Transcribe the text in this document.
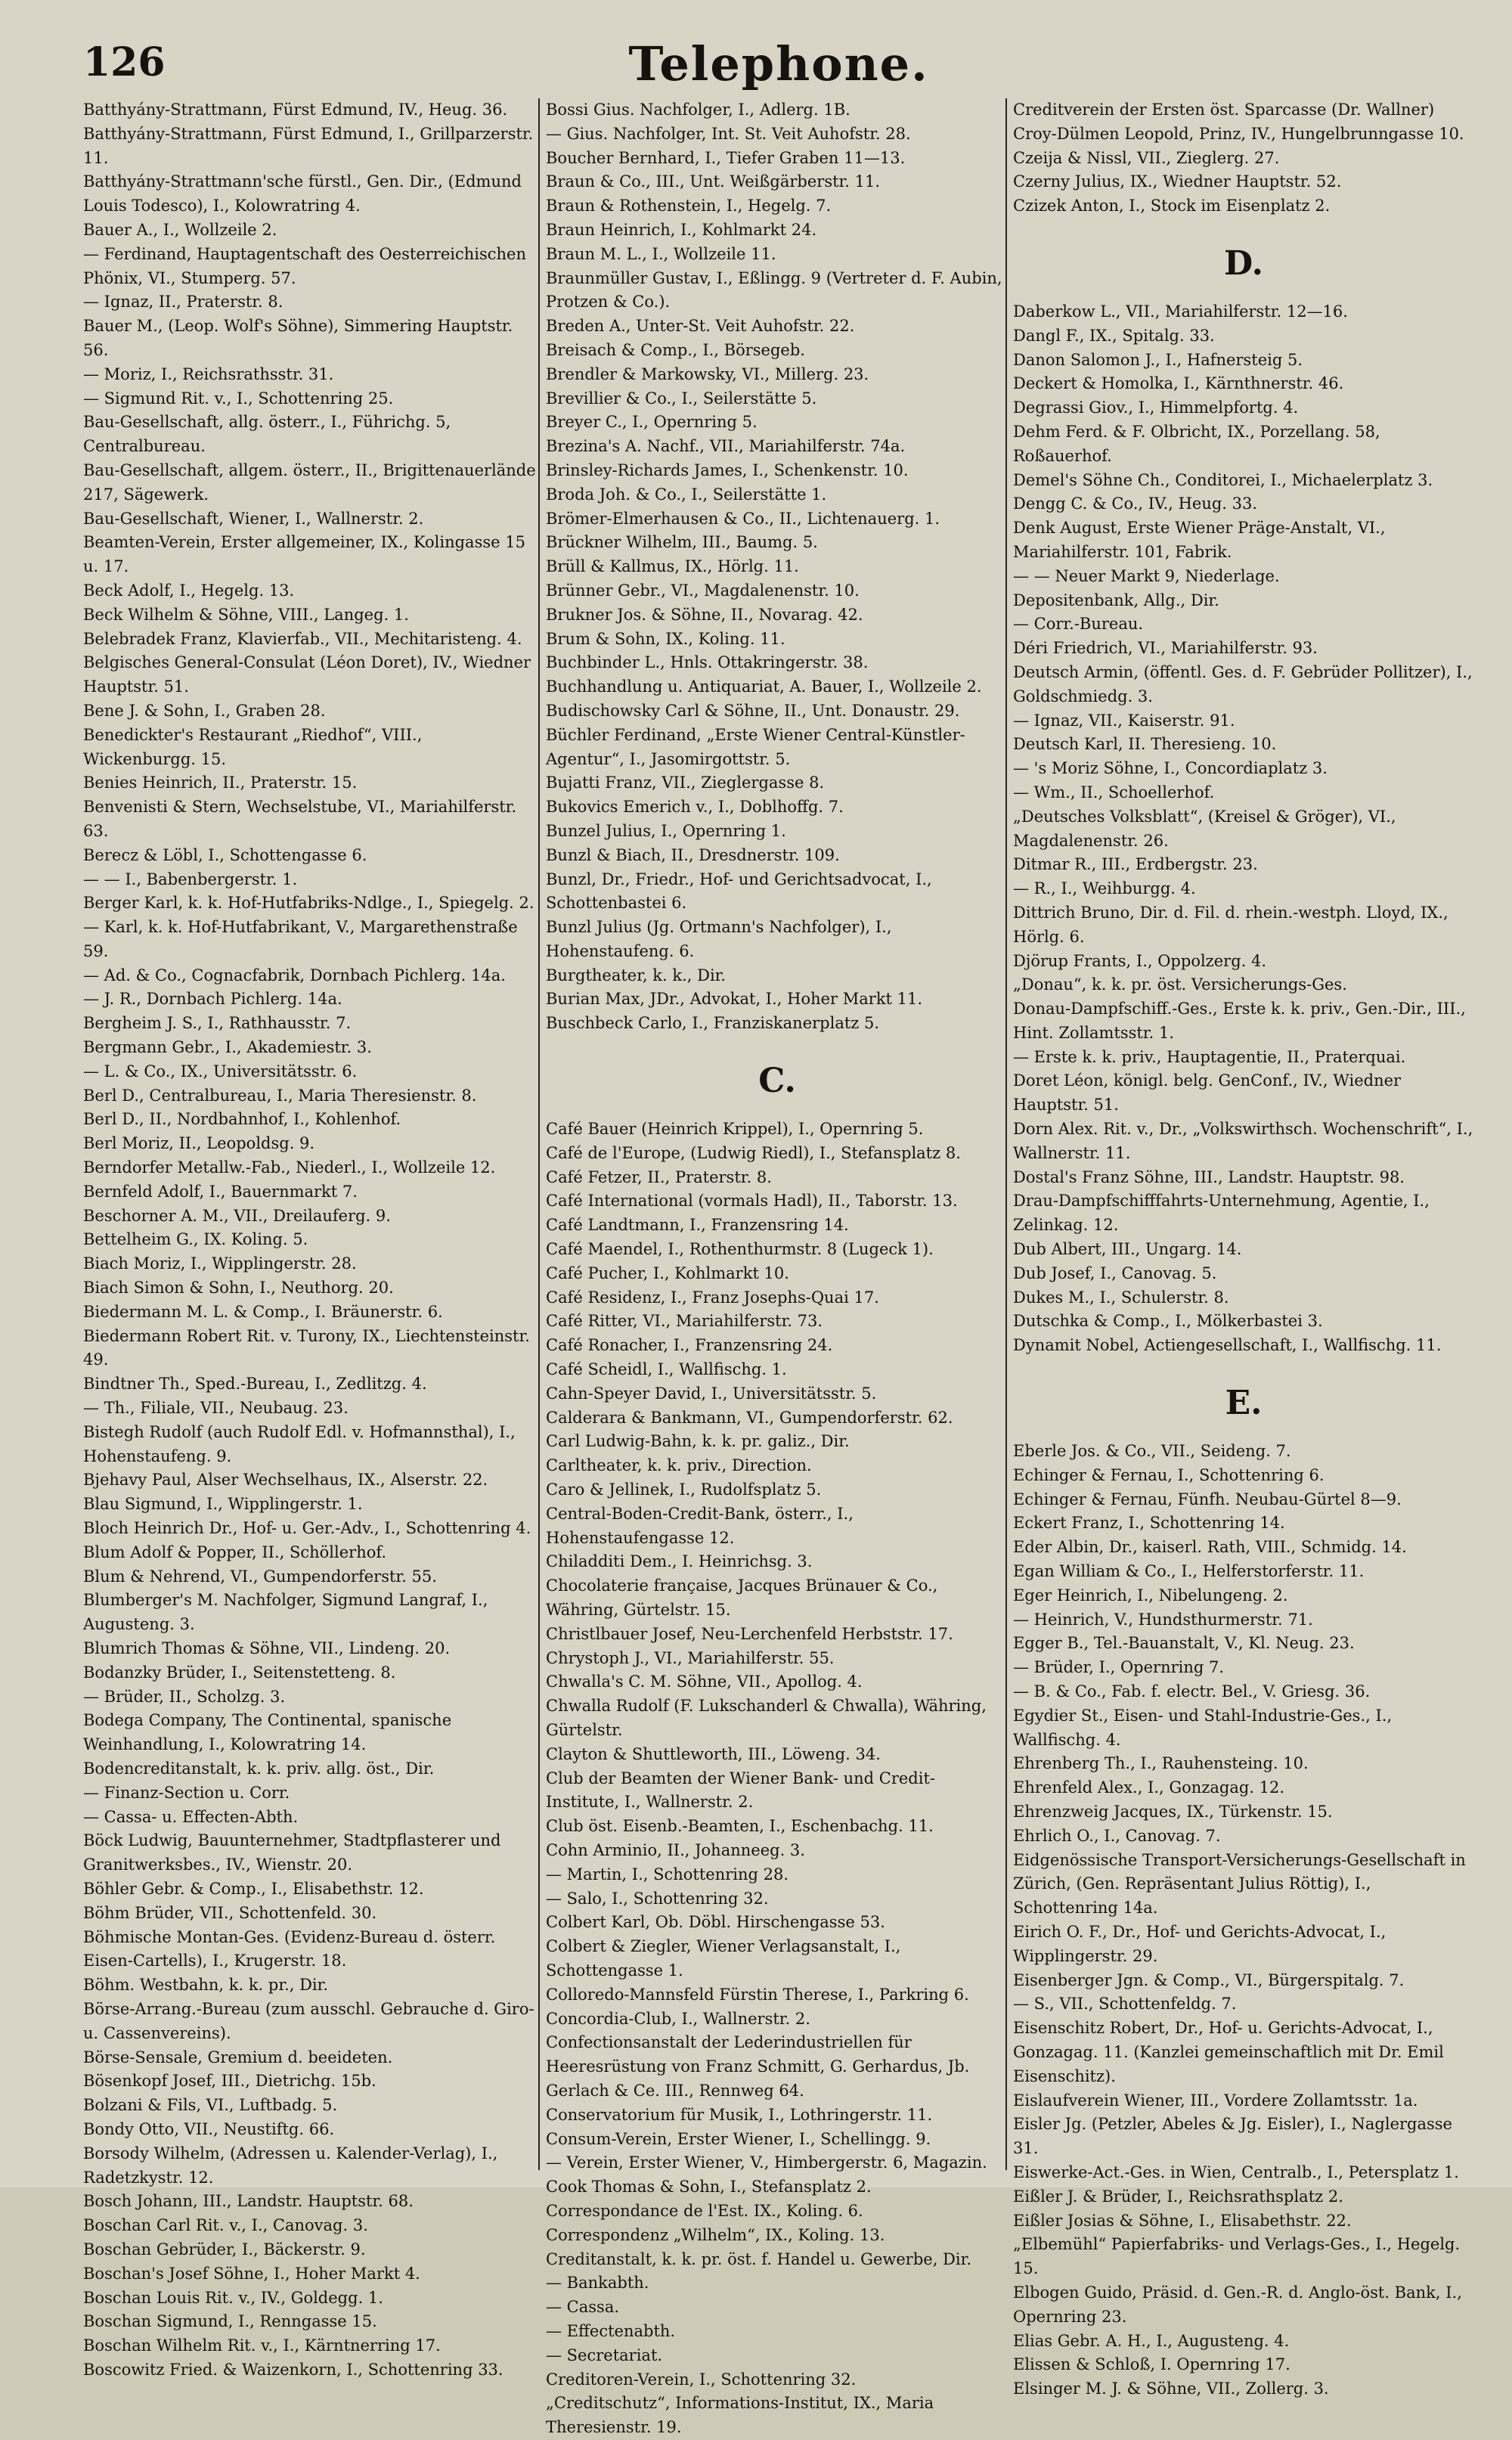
126	Telephone.
Batthyány-Strattmann, Fürst Edmund, IV., Heug. 36.
Batthyány-Strattmann, Fürst Edmund, I., Grillparzerstr. 11.
Batthyány-Strattmann'sche fürstl., Gen. Dir., (Edmund Louis Todesco), I., Kolowratring 4.
Bauer A., I., Wollzeile 2.
— Ferdinand, Hauptagentschaft des Oesterreichischen Phönix, VI., Stumperg. 57.
— Ignaz, II., Praterstr. 8.
Bauer M., (Leop. Wolf's Söhne), Simmering Hauptstr. 56.
— Moriz, I., Reichsrathsstr. 31.
— Sigmund Rit. v., I., Schottenring 25.
Bau-Gesellschaft, allg. österr., I., Führichg. 5, Centralbureau.
Bau-Gesellschaft, allgem. österr., II., Brigittenauerlände 217, Sägewerk.
Bau-Gesellschaft, Wiener, I., Wallnerstr. 2.
Beamten-Verein, Erster allgemeiner, IX., Kolingasse 15 u. 17.
Beck Adolf, I., Hegelg. 13.
Beck Wilhelm & Söhne, VIII., Langeg. 1.
Belebradek Franz, Klavierfab., VII., Mechitaristeng. 4.
Belgisches General-Consulat (Léon Doret), IV., Wiedner Hauptstr. 51.
Bene J. & Sohn, I., Graben 28.
Benedickter's Restaurant „Riedhof“, VIII., Wickenburgg. 15.
Benies Heinrich, II., Praterstr. 15.
Benvenisti & Stern, Wechselstube, VI., Mariahilferstr. 63.
Berecz & Löbl, I., Schottengasse 6.
— — I., Babenbergerstr. 1.
Berger Karl, k. k. Hof-Hutfabriks-Ndlge., I., Spiegelg. 2.
— Karl, k. k. Hof-Hutfabrikant, V., Margarethenstraße 59.
— Ad. & Co., Cognacfabrik, Dornbach Pichlerg. 14a.
— J. R., Dornbach Pichlerg. 14a.
Bergheim J. S., I., Rathhausstr. 7.
Bergmann Gebr., I., Akademiestr. 3.
— L. & Co., IX., Universitätsstr. 6.
Berl D., Centralbureau, I., Maria Theresienstr. 8.
Berl D., II., Nordbahnhof, I., Kohlenhof.
Berl Moriz, II., Leopoldsg. 9.
Berndorfer Metallw.-Fab., Niederl., I., Wollzeile 12.
Bernfeld Adolf, I., Bauernmarkt 7.
Beschorner A. M., VII., Dreilauferg. 9.
Bettelheim G., IX. Koling. 5.
Biach Moriz, I., Wipplingerstr. 28.
Biach Simon & Sohn, I., Neuthorg. 20.
Biedermann M. L. & Comp., I. Bräunerstr. 6.
Biedermann Robert Rit. v. Turony, IX., Liechtensteinstr. 49.
Bindtner Th., Sped.-Bureau, I., Zedlitzg. 4.
— Th., Filiale, VII., Neubaug. 23.
Bistegh Rudolf (auch Rudolf Edl. v. Hofmannsthal), I., Hohenstaufeng. 9.
Bjehavy Paul, Alser Wechselhaus, IX., Alserstr. 22.
Blau Sigmund, I., Wipplingerstr. 1.
Bloch Heinrich Dr., Hof- u. Ger.-Adv., I., Schottenring 4.
Blum Adolf & Popper, II., Schöllerhof.
Blum & Nehrend, VI., Gumpendorferstr. 55.
Blumberger's M. Nachfolger, Sigmund Langraf, I., Augusteng. 3.
Blumrich Thomas & Söhne, VII., Lindeng. 20.
Bodanzky Brüder, I., Seitenstetteng. 8.
— Brüder, II., Scholzg. 3.
Bodega Company, The Continental, spanische Weinhandlung, I., Kolowratring 14.
Bodencreditanstalt, k. k. priv. allg. öst., Dir.
— Finanz-Section u. Corr.
— Cassa- u. Effecten-Abth.
Böck Ludwig, Bauunternehmer, Stadtpflasterer und Granitwerksbes., IV., Wienstr. 20.
Böhler Gebr. & Comp., I., Elisabethstr. 12.
Böhm Brüder, VII., Schottenfeld. 30.
Böhmische Montan-Ges. (Evidenz-Bureau d. österr. Eisen-Cartells), I., Krugerstr. 18.
Böhm. Westbahn, k. k. pr., Dir.
Börse-Arrang.-Bureau (zum ausschl. Gebrauche d. Giro- u. Cassenvereins).
Börse-Sensale, Gremium d. beeideten.
Bösenkopf Josef, III., Dietrichg. 15b.
Bolzani & Fils, VI., Luftbadg. 5.
Bondy Otto, VII., Neustiftg. 66.
Borsody Wilhelm, (Adressen u. Kalender-Verlag), I., Radetzkystr. 12.
Bosch Johann, III., Landstr. Hauptstr. 68.
Boschan Carl Rit. v., I., Canovag. 3.
Boschan Gebrüder, I., Bäckerstr. 9.
Boschan's Josef Söhne, I., Hoher Markt 4.
Boschan Louis Rit. v., IV., Goldegg. 1.
Boschan Sigmund, I., Renngasse 15.
Boschan Wilhelm Rit. v., I., Kärntnerring 17.
Boscowitz Fried. & Waizenkorn, I., Schottenring 33.
Bossi Gius. Nachfolger, I., Adlerg. 1B.
— Gius. Nachfolger, Int. St. Veit Auhofstr. 28.
Boucher Bernhard, I., Tiefer Graben 11—13.
Braun & Co., III., Unt. Weißgärberstr. 11.
Braun & Rothenstein, I., Hegelg. 7.
Braun Heinrich, I., Kohlmarkt 24.
Braun M. L., I., Wollzeile 11.
Braunmüller Gustav, I., Eßlingg. 9 (Vertreter d. F. Aubin, Protzen & Co.).
Breden A., Unter-St. Veit Auhofstr. 22.
Breisach & Comp., I., Börsegeb.
Brendler & Markowsky, VI., Millerg. 23.
Brevillier & Co., I., Seilerstätte 5.
Breyer C., I., Opernring 5.
Brezina's A. Nachf., VII., Mariahilferstr. 74a.
Brinsley-Richards James, I., Schenkenstr. 10.
Broda Joh. & Co., I., Seilerstätte 1.
Brömer-Elmerhausen & Co., II., Lichtenauerg. 1.
Brückner Wilhelm, III., Baumg. 5.
Brüll & Kallmus, IX., Hörlg. 11.
Brünner Gebr., VI., Magdalenenstr. 10.
Brukner Jos. & Söhne, II., Novarag. 42.
Brum & Sohn, IX., Koling. 11.
Buchbinder L., Hnls. Ottakringerstr. 38.
Buchhandlung u. Antiquariat, A. Bauer, I., Wollzeile 2.
Budischowsky Carl & Söhne, II., Unt. Donaustr. 29.
Büchler Ferdinand, „Erste Wiener Central-Künstler-Agentur“, I., Jasomirgottstr. 5.
Bujatti Franz, VII., Zieglergasse 8.
Bukovics Emerich v., I., Doblhoffg. 7.
Bunzel Julius, I., Opernring 1.
Bunzl & Biach, II., Dresdnerstr. 109.
Bunzl, Dr., Friedr., Hof- und Gerichtsadvocat, I., Schottenbastei 6.
Bunzl Julius (Jg. Ortmann's Nachfolger), I., Hohenstaufeng. 6.
Burgtheater, k. k., Dir.
Burian Max, JDr., Advokat, I., Hoher Markt 11.
Buschbeck Carlo, I., Franziskanerplatz 5.
C.
Café Bauer (Heinrich Krippel), I., Opernring 5.
Café de l'Europe, (Ludwig Riedl), I., Stefansplatz 8.
Café Fetzer, II., Praterstr. 8.
Café International (vormals Hadl), II., Taborstr. 13.
Café Landtmann, I., Franzensring 14.
Café Maendel, I., Rothenthurmstr. 8 (Lugeck 1).
Café Pucher, I., Kohlmarkt 10.
Café Residenz, I., Franz Josephs-Quai 17.
Café Ritter, VI., Mariahilferstr. 73.
Café Ronacher, I., Franzensring 24.
Café Scheidl, I., Wallfischg. 1.
Cahn-Speyer David, I., Universitätsstr. 5.
Calderara & Bankmann, VI., Gumpendorferstr. 62.
Carl Ludwig-Bahn, k. k. pr. galiz., Dir.
Carltheater, k. k. priv., Direction.
Caro & Jellinek, I., Rudolfsplatz 5.
Central-Boden-Credit-Bank, österr., I., Hohenstaufengasse 12.
Chiladditi Dem., I. Heinrichsg. 3.
Chocolaterie française, Jacques Brünauer & Co., Währing, Gürtelstr. 15.
Christlbauer Josef, Neu-Lerchenfeld Herbststr. 17.
Chrystoph J., VI., Mariahilferstr. 55.
Chwalla's C. M. Söhne, VII., Apollog. 4.
Chwalla Rudolf (F. Lukschanderl & Chwalla), Währing, Gürtelstr.
Clayton & Shuttleworth, III., Löweng. 34.
Club der Beamten der Wiener Bank- und Credit-Institute, I., Wallnerstr. 2.
Club öst. Eisenb.-Beamten, I., Eschenbachg. 11.
Cohn Arminio, II., Johanneeg. 3.
— Martin, I., Schottenring 28.
— Salo, I., Schottenring 32.
Colbert Karl, Ob. Döbl. Hirschengasse 53.
Colbert & Ziegler, Wiener Verlagsanstalt, I., Schottengasse 1.
Colloredo-Mannsfeld Fürstin Therese, I., Parkring 6.
Concordia-Club, I., Wallnerstr. 2.
Confectionsanstalt der Lederindustriellen für Heeresrüstung von Franz Schmitt, G. Gerhardus, Jb. Gerlach & Ce. III., Rennweg 64.
Conservatorium für Musik, I., Lothringerstr. 11.
Consum-Verein, Erster Wiener, I., Schellingg. 9.
— Verein, Erster Wiener, V., Himbergerstr. 6, Magazin.
Cook Thomas & Sohn, I., Stefansplatz 2.
Correspondance de l'Est. IX., Koling. 6.
Correspondenz „Wilhelm“, IX., Koling. 13.
Creditanstalt, k. k. pr. öst. f. Handel u. Gewerbe, Dir.
— Bankabth.
— Cassa.
— Effectenabth.
— Secretariat.
Creditoren-Verein, I., Schottenring 32.
„Creditschutz“, Informations-Institut, IX., Maria Theresienstr. 19.
Creditverein der Ersten öst. Sparcasse (Dr. Wallner)
Croy-Dülmen Leopold, Prinz, IV., Hungelbrunngasse 10.
Czeija & Nissl, VII., Zieglerg. 27.
Czerny Julius, IX., Wiedner Hauptstr. 52.
Czizek Anton, I., Stock im Eisenplatz 2.
D.
Daberkow L., VII., Mariahilferstr. 12—16.
Dangl F., IX., Spitalg. 33.
Danon Salomon J., I., Hafnersteig 5.
Deckert & Homolka, I., Kärnthnerstr. 46.
Degrassi Giov., I., Himmelpfortg. 4.
Dehm Ferd. & F. Olbricht, IX., Porzellang. 58, Roßauerhof.
Demel's Söhne Ch., Conditorei, I., Michaelerplatz 3.
Dengg C. & Co., IV., Heug. 33.
Denk August, Erste Wiener Präge-Anstalt, VI., Mariahilferstr. 101, Fabrik.
— — Neuer Markt 9, Niederlage.
Depositenbank, Allg., Dir.
— Corr.-Bureau.
Déri Friedrich, VI., Mariahilferstr. 93.
Deutsch Armin, (öffentl. Ges. d. F. Gebrüder Pollitzer), I., Goldschmiedg. 3.
— Ignaz, VII., Kaiserstr. 91.
Deutsch Karl, II. Theresieng. 10.
— 's Moriz Söhne, I., Concordiaplatz 3.
— Wm., II., Schoellerhof.
„Deutsches Volksblatt“, (Kreisel & Gröger), VI., Magdalenenstr. 26.
Ditmar R., III., Erdbergstr. 23.
— R., I., Weihburgg. 4.
Dittrich Bruno, Dir. d. Fil. d. rhein.-westph. Lloyd, IX., Hörlg. 6.
Djörup Frants, I., Oppolzerg. 4.
„Donau“, k. k. pr. öst. Versicherungs-Ges.
Donau-Dampfschiff.-Ges., Erste k. k. priv., Gen.-Dir., III., Hint. Zollamtsstr. 1.
— Erste k. k. priv., Hauptagentie, II., Praterquai.
Doret Léon, königl. belg. GenConf., IV., Wiedner Hauptstr. 51.
Dorn Alex. Rit. v., Dr., „Volkswirthsch. Wochenschrift“, I., Wallnerstr. 11.
Dostal's Franz Söhne, III., Landstr. Hauptstr. 98.
Drau-Dampfschifffahrts-Unternehmung, Agentie, I., Zelinkag. 12.
Dub Albert, III., Ungarg. 14.
Dub Josef, I., Canovag. 5.
Dukes M., I., Schulerstr. 8.
Dutschka & Comp., I., Mölkerbastei 3.
Dynamit Nobel, Actiengesellschaft, I., Wallfischg. 11.
E.
Eberle Jos. & Co., VII., Seideng. 7.
Echinger & Fernau, I., Schottenring 6.
Echinger & Fernau, Fünfh. Neubau-Gürtel 8—9.
Eckert Franz, I., Schottenring 14.
Eder Albin, Dr., kaiserl. Rath, VIII., Schmidg. 14.
Egan William & Co., I., Helferstorferstr. 11.
Eger Heinrich, I., Nibelungeng. 2.
— Heinrich, V., Hundsthurmerstr. 71.
Egger B., Tel.-Bauanstalt, V., Kl. Neug. 23.
— Brüder, I., Opernring 7.
— B. & Co., Fab. f. electr. Bel., V. Griesg. 36.
Egydier St., Eisen- und Stahl-Industrie-Ges., I., Wallfischg. 4.
Ehrenberg Th., I., Rauhensteing. 10.
Ehrenfeld Alex., I., Gonzagag. 12.
Ehrenzweig Jacques, IX., Türkenstr. 15.
Ehrlich O., I., Canovag. 7.
Eidgenössische Transport-Versicherungs-Gesellschaft in Zürich, (Gen. Repräsentant Julius Röttig), I., Schottenring 14a.
Eirich O. F., Dr., Hof- und Gerichts-Advocat, I., Wipplingerstr. 29.
Eisenberger Jgn. & Comp., VI., Bürgerspitalg. 7.
— S., VII., Schottenfeldg. 7.
Eisenschitz Robert, Dr., Hof- u. Gerichts-Advocat, I., Gonzagag. 11. (Kanzlei gemeinschaftlich mit Dr. Emil Eisenschitz).
Eislaufverein Wiener, III., Vordere Zollamtsstr. 1a.
Eisler Jg. (Petzler, Abeles & Jg. Eisler), I., Naglergasse 31.
Eiswerke-Act.-Ges. in Wien, Centralb., I., Petersplatz 1.
Eißler J. & Brüder, I., Reichsrathsplatz 2.
Eißler Josias & Söhne, I., Elisabethstr. 22.
„Elbemühl“ Papierfabriks- und Verlags-Ges., I., Hegelg. 15.
Elbogen Guido, Präsid. d. Gen.-R. d. Anglo-öst. Bank, I., Opernring 23.
Elias Gebr. A. H., I., Augusteng. 4.
Elissen & Schloß, I. Opernring 17.
Elsinger M. J. & Söhne, VII., Zollerg. 3.
